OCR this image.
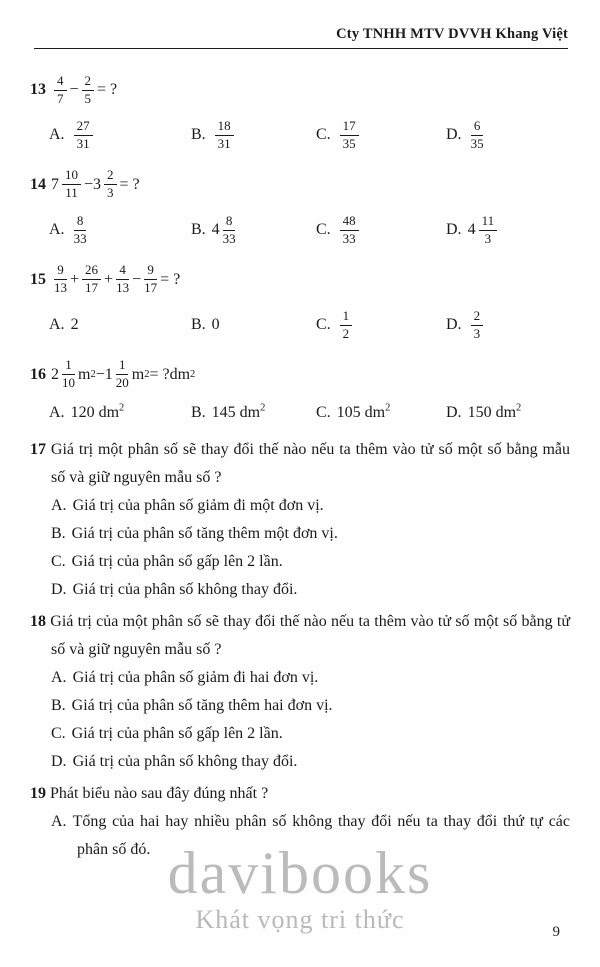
Cty TNHH MTV DVVH Khang Việt
$13 \frac{4}{7} - \frac{2}{5}$ = ?
A. $\frac{27}{31}$	B. $\frac{18}{31}$	C. $\frac{17}{35}$	D. $\frac{6}{35}$
14 $7 \frac{10}{11} - 3 \frac{2}{3}$ = ?
A. $\frac{8}{33}$	B. $4 \frac{8}{33}$	C. $\frac{48}{33}$	D. $4 \frac{11}{3}$
$15 \frac{9}{13} + \frac{26}{17} + \frac{4}{13} - \frac{9}{17}$ = ?
A. 2	B. 0	C. $\frac{1}{2}$	D. $\frac{2}{3}$
16 $2 \frac{1}{10}$ m $2 - 1 \frac{1}{20}$ m 2 = ?dm 2
A. 120 $dm^2$	B. 145 $dm^2$	C. 105 $dm^2$	D. 150 $dm^2$
17 Giá trị một phân số sẽ thay đổi thế nào nếu ta thêm vào tử số một số bằng mẫu số và giữ nguyên mẫu số ?
A. Giá trị của phân số giảm đi một đơn vị.
B. Giá trị của phân số tăng thêm một đơn vị.
C. Giá trị của phân số gấp lên 2 lần.
D. Giá trị của phân số không thay đổi.
18 Giá trị của một phân số sẽ thay đổi thế nào nếu ta thêm vào tử số một số bằng tử số và giữ nguyên mẫu số ?
A. Giá trị của phân số giảm đi hai đơn vị.
B. Giá trị của phân số tăng thêm hai đơn vị.
C. Giá trị của phân số gấp lên 2 lần.
D. Giá trị của phân số không thay đổi.
19 Phát biểu nào sau đây đúng nhất ?
A. Tổng của hai hay nhiều phân số không thay đổi nếu ta thay đổi thứ tự các phân số đó. davibooks
Khát vọng tri thức	9
